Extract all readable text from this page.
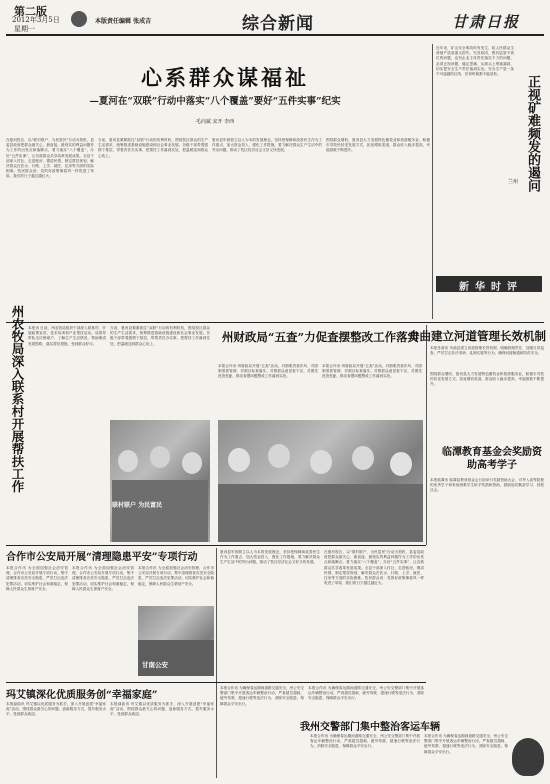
第二版
2012年3月5日
星期一
本版责任编辑 张成吉	综合新闻	甘肃日报
心系群众谋福祉
—夏河在“双联”行动中落实“八个覆盖”要好“五件实事”纪实
毛向斌 宋开 李西
在夏河牧区，以“联村联户、为民富民”行动为契机，县委县政府把群众最关心、最直接、最现实的利益问题作为工作的出发点和落脚点，着力落实“八个覆盖”，办好“五件实事”，让各族群众共享改革发展成果。全县干部深入村社，走进帐房，摸清民情，制定帮扶规划，解决群众在饮水、行路、上学、就医、住房等方面的实际困难。牧民群众说：党的好政策像春风一样吹进了草原，我们的日子越过越红火。
当前，夏河县紧紧抓住“双联”行动的有利时机，围绕牧区群众的生产生活需求，统筹推进基础设施建设和社会事业发展。各级干部带着感情下基层，带着责任办实事，把帮扶工作落到实处，把温暖送到群众心坎上。
夏河县牢固树立以人为本的发展理念，坚持把保障和改善民生作为工作重点，加大资金投入，强化工作措施，着力解决群众生产生活中的突出问题，推动了牧区经济社会又好又快发展。
围绕群众增收，夏河县大力发展特色畜牧业和旅游服务业，积极引导牧民转变发展方式，拓宽增收渠道，群众收入稳步提高，幸福指数不断提升。
近年来，矿山安全事故时有发生，给人民群众生命财产造成重大损失。究其原因，既有监管不到位的问题，也有企业主体责任落实不力的问题。必须正视问题，痛定思痛，从源头上堵塞漏洞，切实把安全生产责任落到实处。安全生产是一条不可逾越的红线，任何时候都不能放松。
正视矿难频发的遏问
兰州
新华时评
州农牧局深入联系村开展帮扶工作 本报讯 日前，州农牧局组织干部深入联系村，开展政策宣讲、技术培训和产业帮扶活动。局领导带队走访困难户，了解生产生活情况，帮助理清发展思路，落实帮扶措施，受到群众好评。
当前，夏河县紧紧抓住“双联”行动的有利时机，围绕牧区群众的生产生活需求，统筹推进基础设施建设和社会事业发展。各级干部带着感情下基层，带着责任办实事，把帮扶工作落到实处，把温暖送到群众心坎上。
联村联户 为民富民
州财政局“五查”力促查摆整改工作落实
本报合作讯 州财政局开展“五查”活动，对照职责查作风、对照制度查管理、对照目标查落实、对照群众意见查不足、对照先进查差距，推动查摆问题整改工作落到实处。
本报合作讯 州财政局开展“五查”活动，对照职责查作风、对照制度查管理、对照目标查落实、对照群众意见查不足、对照先进查差距，推动查摆问题整改工作落到实处。
舟曲建立河道管理长效机制
本报舟曲讯 舟曲县建立河道管理长效机制，明确管理责任，加强日常巡查，严厉打击非法采砂、乱倒垃圾等行为，确保河道畅通和防洪安全。
围绕群众增收，夏河县大力发展特色畜牧业和旅游服务业，积极引导牧民转变发展方式，拓宽增收渠道，群众收入稳步提高，幸福指数不断提升。
临潭教育基金会奖励资助高考学子
本报临潭讯 临潭县教育基金会日前举行奖励资助大会，对考入高等院校的优秀学子和家庭困难学生给予奖励和资助，鼓励他们勤奋学习、回报社会。
合作市公安局开展“清理隐患平安”专项行动
本报合作讯 为全面加强社会治安管理，合作市公安局开展专项行动，集中清理排查各类安全隐患，严厉打击违法犯罪活动，切实维护社会和谐稳定，保障人民群众生命财产安全。
本报合作讯 为全面加强社会治安管理，合作市公安局开展专项行动，集中清理排查各类安全隐患，严厉打击违法犯罪活动，切实维护社会和谐稳定，保障人民群众生命财产安全。
本报合作讯 为全面加强社会治安管理，合作市公安局开展专项行动，集中清理排查各类安全隐患，严厉打击违法犯罪活动，切实维护社会和谐稳定，保障人民群众生命财产安全。
甘南公安
夏河县牢固树立以人为本的发展理念，坚持把保障和改善民生作为工作重点，加大资金投入，强化工作措施，着力解决群众生产生活中的突出问题，推动了牧区经济社会又好又快发展。
在夏河牧区，以“联村联户、为民富民”行动为契机，县委县政府把群众最关心、最直接、最现实的利益问题作为工作的出发点和落脚点，着力落实“八个覆盖”，办好“五件实事”，让各族群众共享改革发展成果。全县干部深入村社，走进帐房，摸清民情，制定帮扶规划，解决群众在饮水、行路、上学、就医、住房等方面的实际困难。牧民群众说：党的好政策像春风一样吹进了草原，我们的日子越过越红火。
玛艾镇深化优质服务创“幸福家庭”
本报碌曲讯 玛艾镇以优质服务为抓手，深入开展创建“幸福家庭”活动，围绕群众最关心的问题，创新服务方式，提升服务水平，受到群众欢迎。
本报碌曲讯 玛艾镇以优质服务为抓手，深入开展创建“幸福家庭”活动，围绕群众最关心的问题，创新服务方式，提升服务水平，受到群众欢迎。
本报合作讯 为确保春运期间道路交通安全，州公安交警部门集中开展客运车辆整治行动，严查超员超载、疲劳驾驶、超速行驶等违法行为，消除安全隐患，保障群众平安出行。
本报合作讯 为确保春运期间道路交通安全，州公安交警部门集中开展客运车辆整治行动，严查超员超载、疲劳驾驶、超速行驶等违法行为，消除安全隐患，保障群众平安出行。
我州交警部门集中整治客运车辆
本报合作讯 为确保春运期间道路交通安全，州公安交警部门集中开展客运车辆整治行动，严查超员超载、疲劳驾驶、超速行驶等违法行为，消除安全隐患，保障群众平安出行。
本报合作讯 为确保春运期间道路交通安全，州公安交警部门集中开展客运车辆整治行动，严查超员超载、疲劳驾驶、超速行驶等违法行为，消除安全隐患，保障群众平安出行。
